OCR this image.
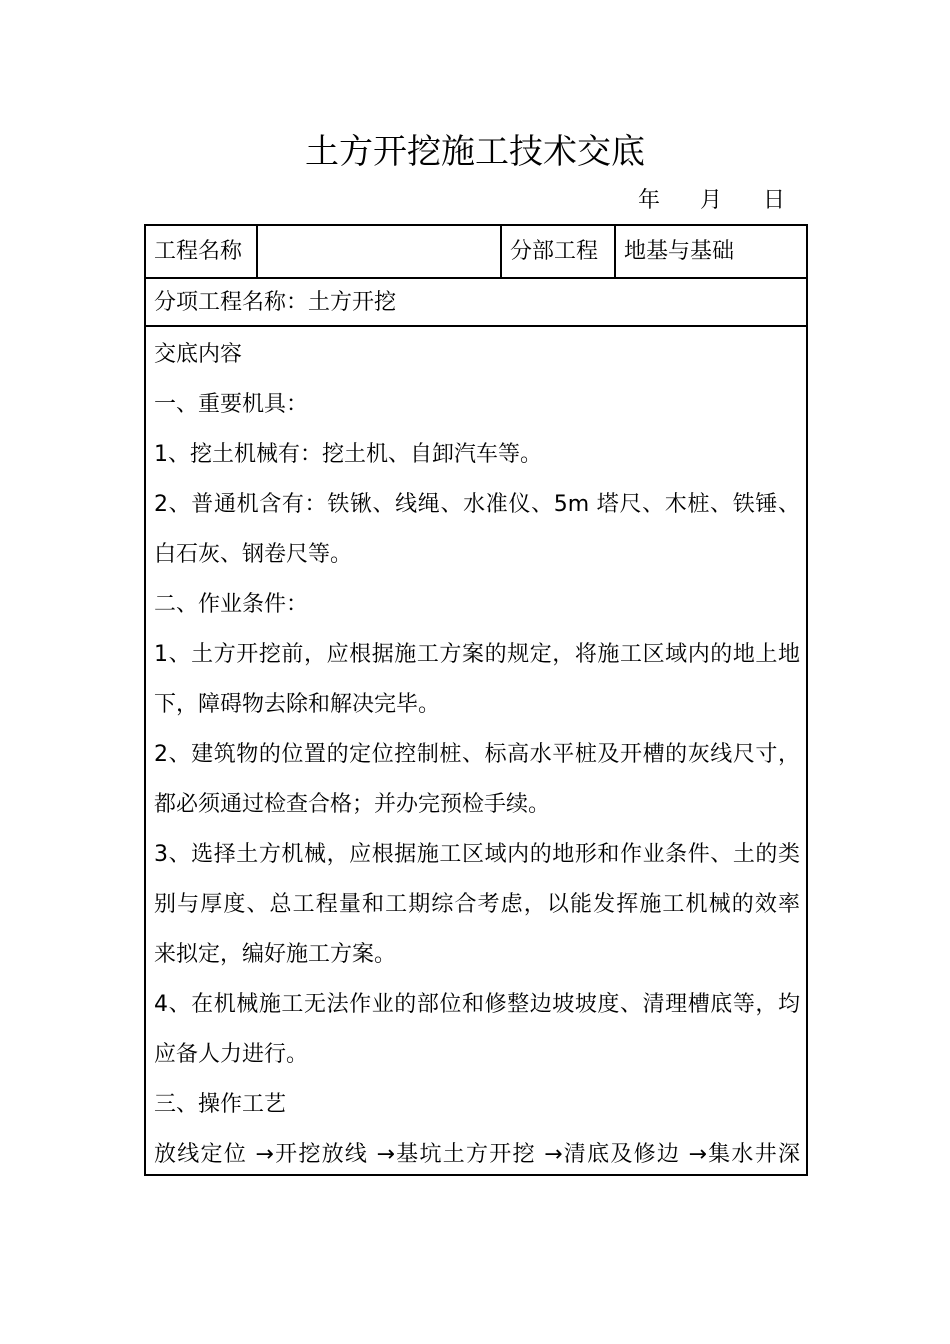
土方开挖施工技术交底
年 月 日
工程名称	分部工程	地基与基础
分项工程名称：土方开挖
交底内容
一、重要机具：
1、挖土机械有：挖土机、自卸汽车等。
2、普通机含有：铁锹、线绳、水准仪、5m 塔尺、木桩、铁锤、
白石灰、钢卷尺等。
二、作业条件：
1、土方开挖前，应根据施工方案的规定，将施工区域内的地上地
下，障碍物去除和解决完毕。
2、建筑物的位置的定位控制桩、标高水平桩及开槽的灰线尺寸，
都必须通过检查合格；并办完预检手续。
3、选择土方机械，应根据施工区域内的地形和作业条件、土的类
别与厚度、总工程量和工期综合考虑，以能发挥施工机械的效率
来拟定，编好施工方案。
4、在机械施工无法作业的部位和修整边坡坡度、清理槽底等，均
应备人力进行。
三、操作工艺
放线定位 →开挖放线 →基坑土方开挖 →清底及修边 →集水井深
